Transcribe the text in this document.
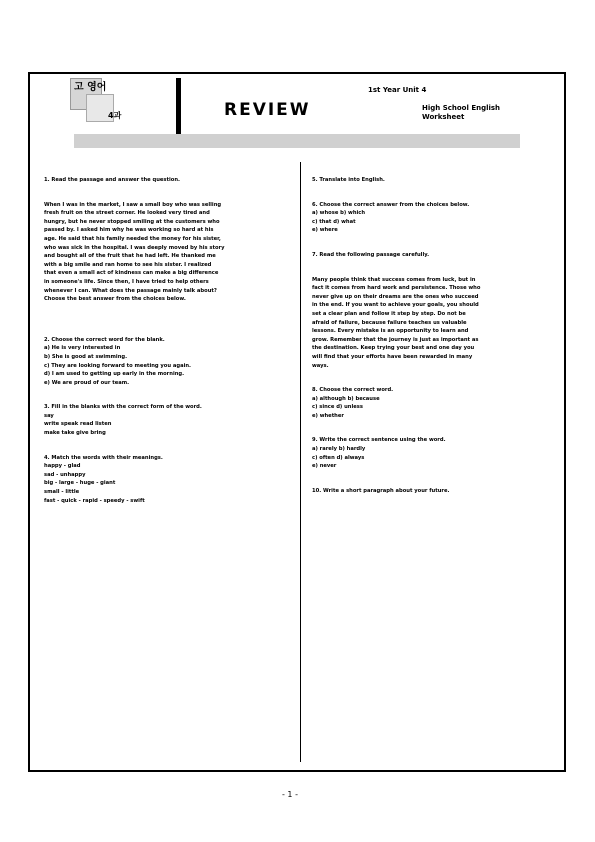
고 영어
4과	REVIEW
1st Year Unit 4
High School English
Worksheet

1. Read the passage and answer the question.

When I was in the market, I saw a small boy who was selling

fresh fruit on the street corner. He looked very tired and

hungry, but he never stopped smiling at the customers who

passed by. I asked him why he was working so hard at his

age. He said that his family needed the money for his sister,

who was sick in the hospital. I was deeply moved by his story

and bought all of the fruit that he had left. He thanked me

with a big smile and ran home to see his sister. I realized

that even a small act of kindness can make a big difference

in someone's life. Since then, I have tried to help others

whenever I can. What does the passage mainly talk about?

Choose the best answer from the choices below.

2. Choose the correct word for the blank.

a) He is very interested in

b) She is good at swimming.

c) They are looking forward to meeting you again.

d) I am used to getting up early in the morning.

e) We are proud of our team.

3. Fill in the blanks with the correct form of the word.

say

write speak read listen

make take give bring

4. Match the words with their meanings.

happy - glad

sad - unhappy

big - large - huge - giant

small - little

fast - quick - rapid - speedy - swift

5. Translate into English.

6. Choose the correct answer from the choices below.

a) whose b) which

c) that d) what

e) where

7. Read the following passage carefully.

Many people think that success comes from luck, but in

fact it comes from hard work and persistence. Those who

never give up on their dreams are the ones who succeed

in the end. If you want to achieve your goals, you should

set a clear plan and follow it step by step. Do not be

afraid of failure, because failure teaches us valuable

lessons. Every mistake is an opportunity to learn and

grow. Remember that the journey is just as important as

the destination. Keep trying your best and one day you

will find that your efforts have been rewarded in many

ways.

8. Choose the correct word.

a) although b) because

c) since d) unless

e) whether

9. Write the correct sentence using the word.

a) rarely b) hardly

c) often d) always

e) never

10. Write a short paragraph about your future.

- 1 -
